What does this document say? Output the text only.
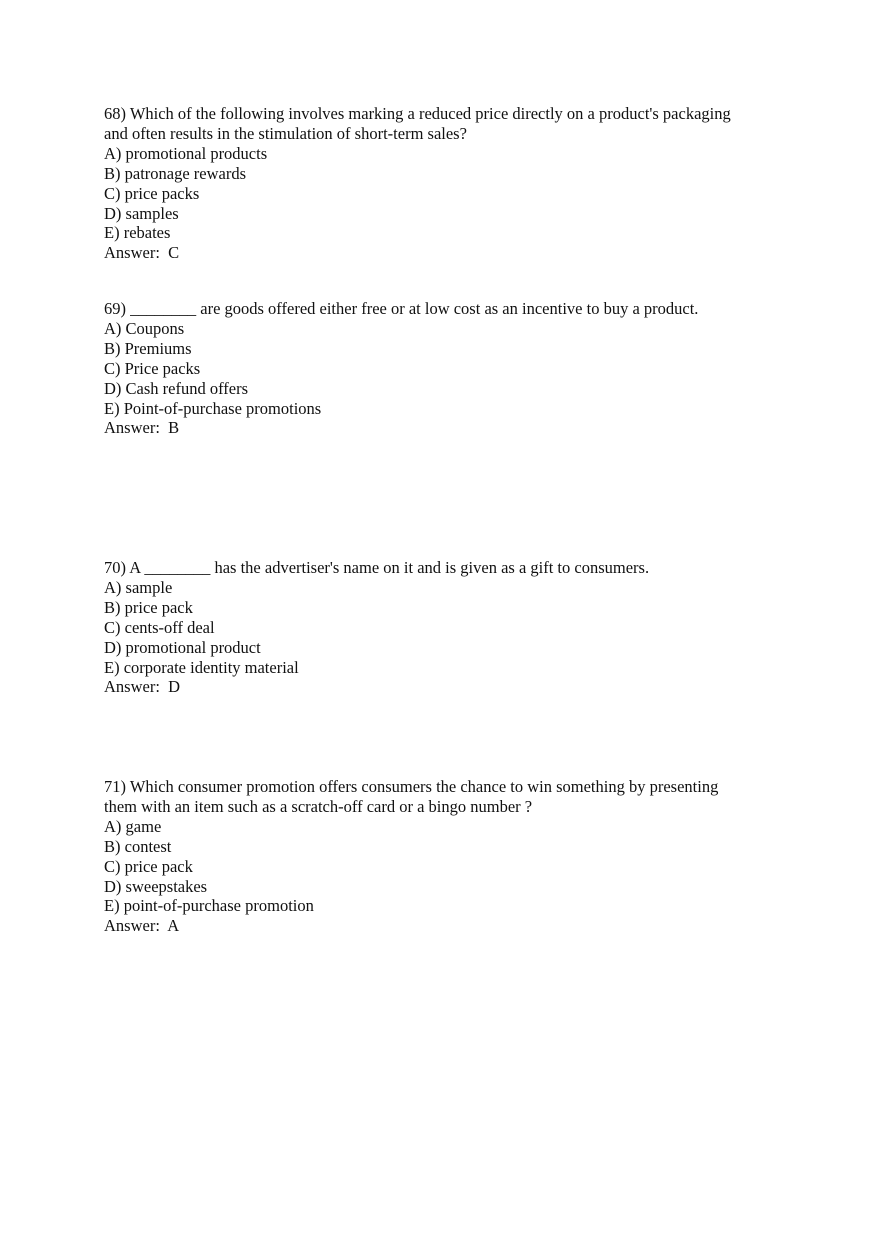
68) Which of the following involves marking a reduced price directly on a product's packaging
and often results in the stimulation of short-term sales?
A) promotional products
B) patronage rewards
C) price packs
D) samples
E) rebates
Answer:  C
69) ________ are goods offered either free or at low cost as an incentive to buy a product.
A) Coupons
B) Premiums
C) Price packs
D) Cash refund offers
E) Point-of-purchase promotions
Answer:  B
70) A ________ has the advertiser's name on it and is given as a gift to consumers.
A) sample
B) price pack
C) cents-off deal
D) promotional product
E) corporate identity material
Answer:  D
71) Which consumer promotion offers consumers the chance to win something by presenting
them with an item such as a scratch-off card or a bingo number ?
A) game
B) contest
C) price pack
D) sweepstakes
E) point-of-purchase promotion
Answer:  A
